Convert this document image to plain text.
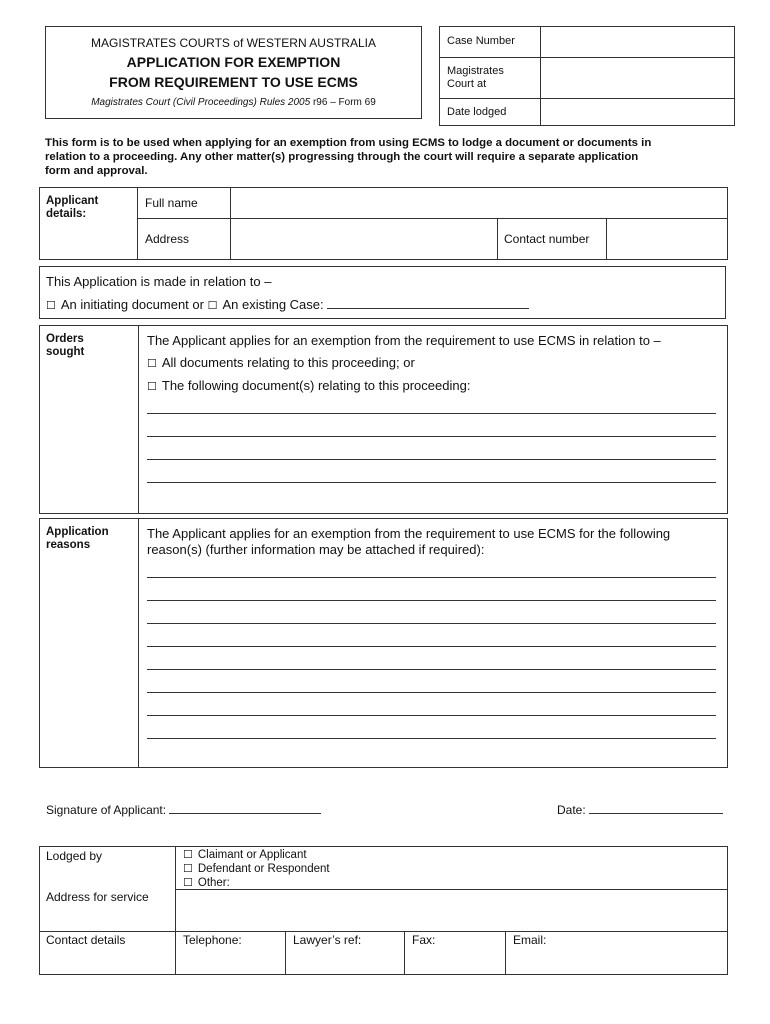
MAGISTRATES COURTS of WESTERN AUSTRALIA
APPLICATION FOR EXEMPTION
FROM REQUIREMENT TO USE ECMS
Magistrates Court (Civil Proceedings) Rules 2005 r96 – Form 69
Case Number
Magistrates
Court at
Date lodged
This form is to be used when applying for an exemption from using ECMS to lodge a document or documents in
relation to a proceeding. Any other matter(s) progressing through the court will require a separate application
form and approval.
Applicant
details:
Full name
Address	Contact number
This Application is made in relation to –
☐ An initiating document or ☐ An existing Case:
Orders
sought
The Applicant applies for an exemption from the requirement to use ECMS in relation to –
☐ All documents relating to this proceeding; or
☐ The following document(s) relating to this proceeding:
Application
reasons
The Applicant applies for an exemption from the requirement to use ECMS for the following
reason(s) (further information may be attached if required):
Signature of Applicant:	Date:
Lodged by	☐ Claimant or Applicant
☐ Defendant or Respondent
☐ Other:
Address for service
Contact details	Telephone:	Lawyer’s ref:	Fax:	Email:
